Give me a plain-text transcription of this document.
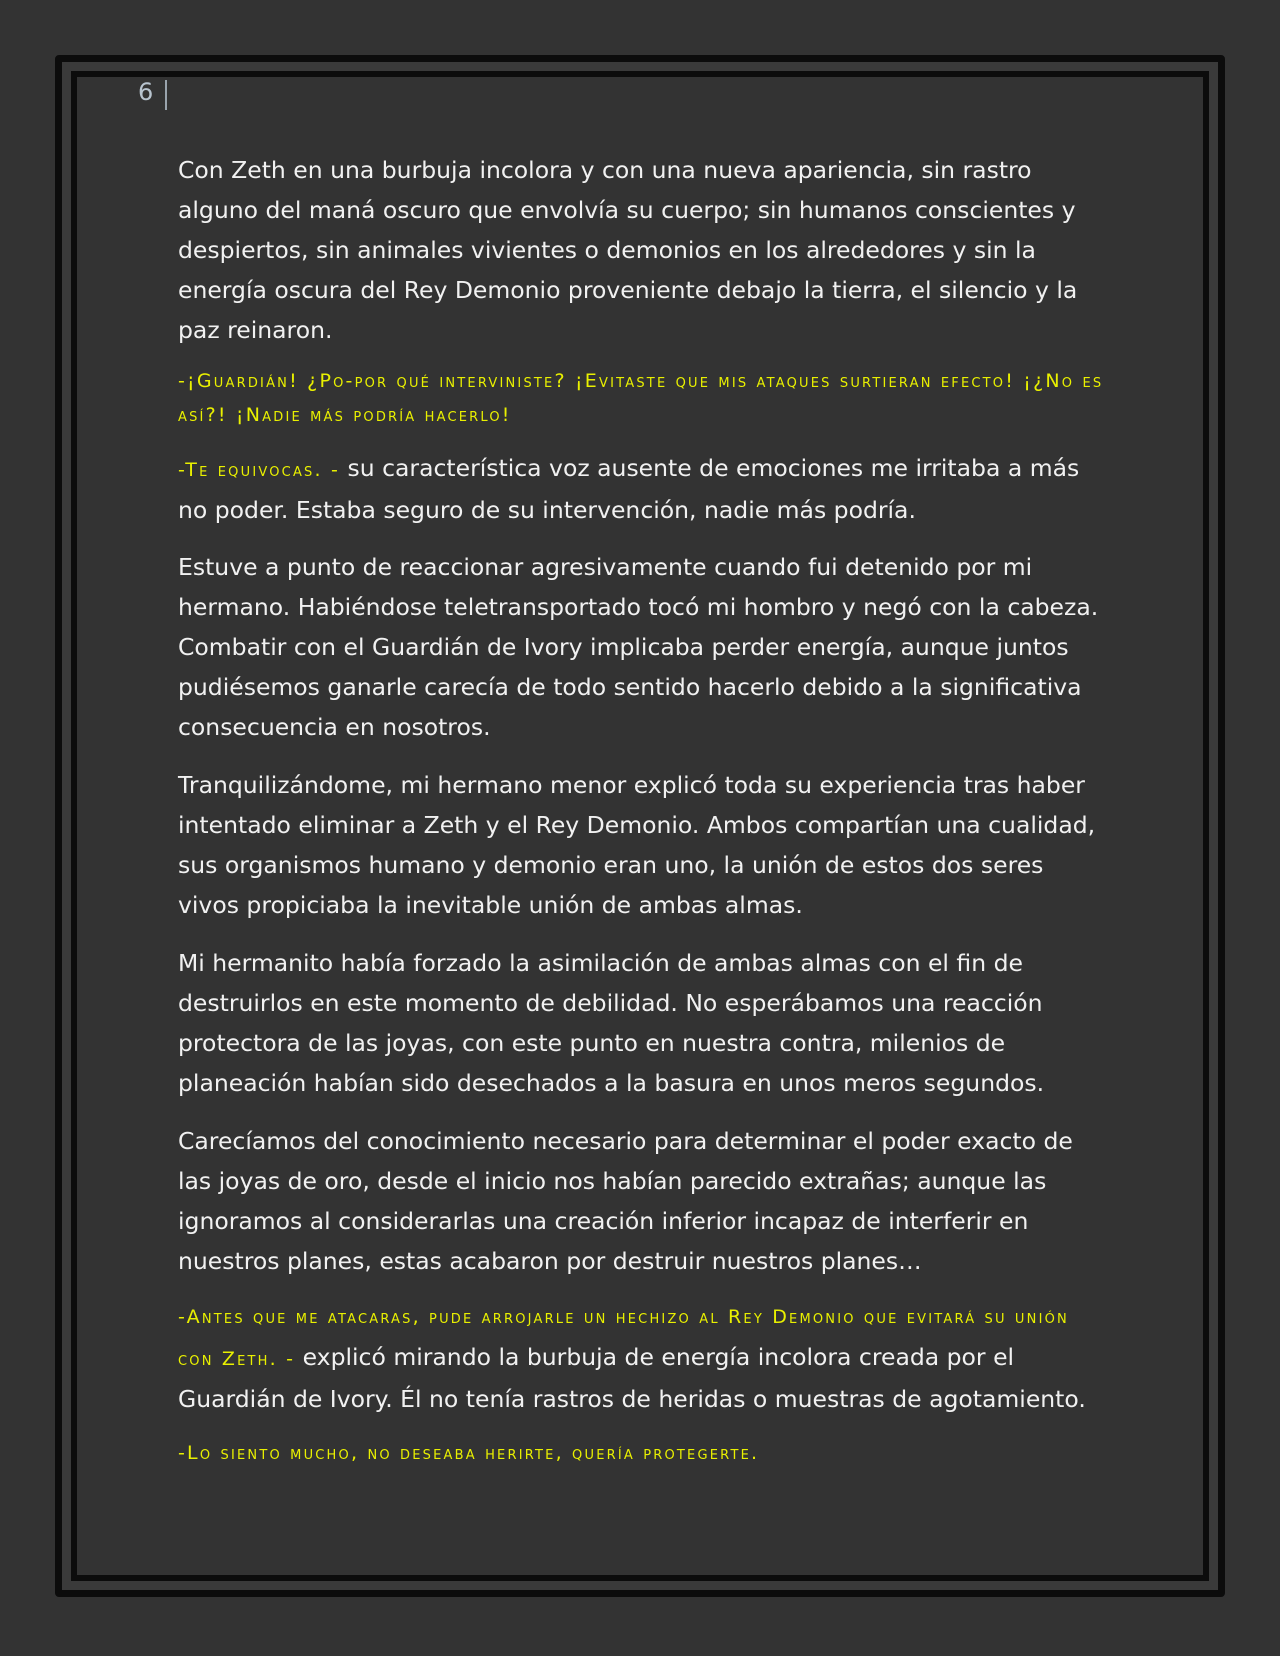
6

Con Zeth en una burbuja incolora y con una nueva apariencia, sin rastro alguno del maná oscuro que envolvía su cuerpo; sin humanos conscientes y despiertos, sin animales vivientes o demonios en los alrededores y sin la energía oscura del Rey Demonio proveniente debajo la tierra, el silencio y la paz reinaron.

-¡Guardián! ¿Po-por qué interviniste? ¡Evitaste que mis ataques surtieran efecto! ¡¿No es así?! ¡Nadie más podría hacerlo!

-Te equivocas. - su característica voz ausente de emociones me irritaba a más no poder. Estaba seguro de su intervención, nadie más podría.

Estuve a punto de reaccionar agresivamente cuando fui detenido por mi hermano. Habiéndose teletransportado tocó mi hombro y negó con la cabeza. Combatir con el Guardián de Ivory implicaba perder energía, aunque juntos pudiésemos ganarle carecía de todo sentido hacerlo debido a la significativa consecuencia en nosotros.

Tranquilizándome, mi hermano menor explicó toda su experiencia tras haber intentado eliminar a Zeth y el Rey Demonio. Ambos compartían una cualidad, sus organismos humano y demonio eran uno, la unión de estos dos seres vivos propiciaba la inevitable unión de ambas almas.

Mi hermanito había forzado la asimilación de ambas almas con el fin de destruirlos en este momento de debilidad. No esperábamos una reacción protectora de las joyas, con este punto en nuestra contra, milenios de planeación habían sido desechados a la basura en unos meros segundos.

Carecíamos del conocimiento necesario para determinar el poder exacto de las joyas de oro, desde el inicio nos habían parecido extrañas; aunque las ignoramos al considerarlas una creación inferior incapaz de interferir en nuestros planes, estas acabaron por destruir nuestros planes…

-Antes que me atacaras, pude arrojarle un hechizo al Rey Demonio que evitará su unión con Zeth. - explicó mirando la burbuja de energía incolora creada por el Guardián de Ivory. Él no tenía rastros de heridas o muestras de agotamiento.

-Lo siento mucho, no deseaba herirte, quería protegerte.
